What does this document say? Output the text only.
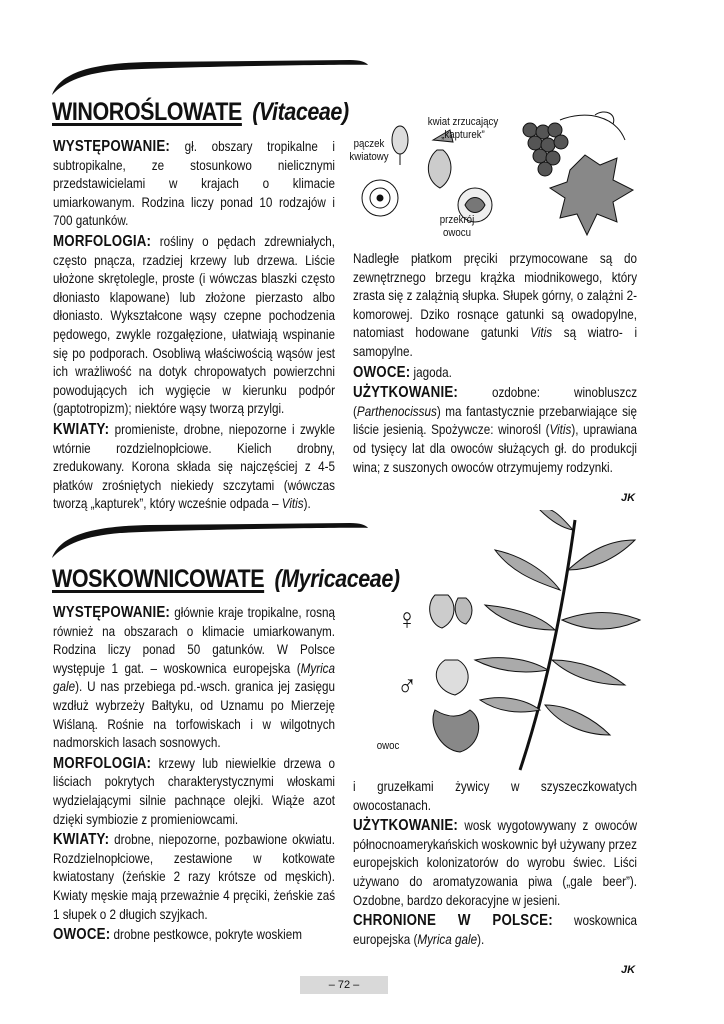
WINOROŚLOWATE (Vitaceae)

WYSTĘPOWANIE: gł. obszary tropikalne i subtropikalne, ze stosunkowo nielicznymi przedstawicielami w krajach o klimacie umiarkowanym. Rodzina liczy ponad 10 rodzajów i 700 gatunków.

MORFOLOGIA: rośliny o pędach zdrewniałych, często pnącza, rzadziej krzewy lub drzewa. Liście ułożone skrętolegle, proste (i wówczas blaszki często dłoniasto klapowane) lub złożone pierzasto albo dłoniasto. Wykształcone wąsy czepne pochodzenia pędowego, zwykle rozgałęzione, ułatwiają wspinanie się po podporach. Osobliwą właściwością wąsów jest ich wrażliwość na dotyk chropowatych powierzchni powodujących ich wygięcie w kierunku podpór (gaptotropizm); niektóre wąsy tworzą przylgi.

KWIATY: promieniste, drobne, niepozorne i zwykle wtórnie rozdzielnopłciowe. Kielich drobny, zredukowany. Korona składa się najczęściej z 4-5 płatków zrośniętych niekiedy szczytami (wówczas tworzą „kapturek”, który wcześnie odpada – Vitis).

pączek kwiatowy
kwiat zrzucający „kapturek”
przekrój owocu

Nadległe płatkom pręciki przymocowane są do zewnętrznego brzegu krążka miodnikowego, który zrasta się z zalążnią słupka. Słupek górny, o zalążni 2-komorowej. Dziko rosnące gatunki są owadopylne, natomiast hodowane gatunki Vitis są wiatro- i samopylne.

OWOCE: jagoda.

UŻYTKOWANIE: ozdobne: winobluszcz (Parthenocissus) ma fantastycznie przebarwiające się liście jesienią. Spożywcze: winorośl (Vitis), uprawiana od tysięcy lat dla owoców służących gł. do produkcji wina; z suszonych owoców otrzymujemy rodzynki.

JK
WOSKOWNICOWATE (Myricaceae)

WYSTĘPOWANIE: głównie kraje tropikalne, rosną również na obszarach o klimacie umiarkowanym. Rodzina liczy ponad 50 gatunków. W Polsce występuje 1 gat. – woskownica europejska (Myrica gale). U nas przebiega pd.-wsch. granica jej zasięgu wzdłuż wybrzeży Bałtyku, od Uznamu po Mierzeję Wiślaną. Rośnie na torfowiskach i w wilgotnych nadmorskich lasach sosnowych.

MORFOLOGIA: krzewy lub niewielkie drzewa o liściach pokrytych charakterystycznymi włoskami wydzielającymi silnie pachnące olejki. Wiąże azot dzięki symbiozie z promieniowcami.

KWIATY: drobne, niepozorne, pozbawione okwiatu. Rozdzielnopłciowe, zestawione w kotkowate kwiatostany (żeńskie 2 razy krótsze od męskich). Kwiaty męskie mają przeważnie 4 pręciki, żeńskie zaś 1 słupek o 2 długich szyjkach.

OWOCE: drobne pestkowce, pokryte woskiem

♀
♂
owoc

i gruzełkami żywicy w szyszeczkowatych owocostanach.

UŻYTKOWANIE: wosk wygotowywany z owoców północnoamerykańskich woskownic był używany przez europejskich kolonizatorów do wyrobu świec. Liści używano do aromatyzowania piwa („gale beer”). Ozdobne, bardzo dekoracyjne w jesieni.

CHRONIONE W POLSCE: woskownica europejska (Myrica gale).

JK
– 72 –
